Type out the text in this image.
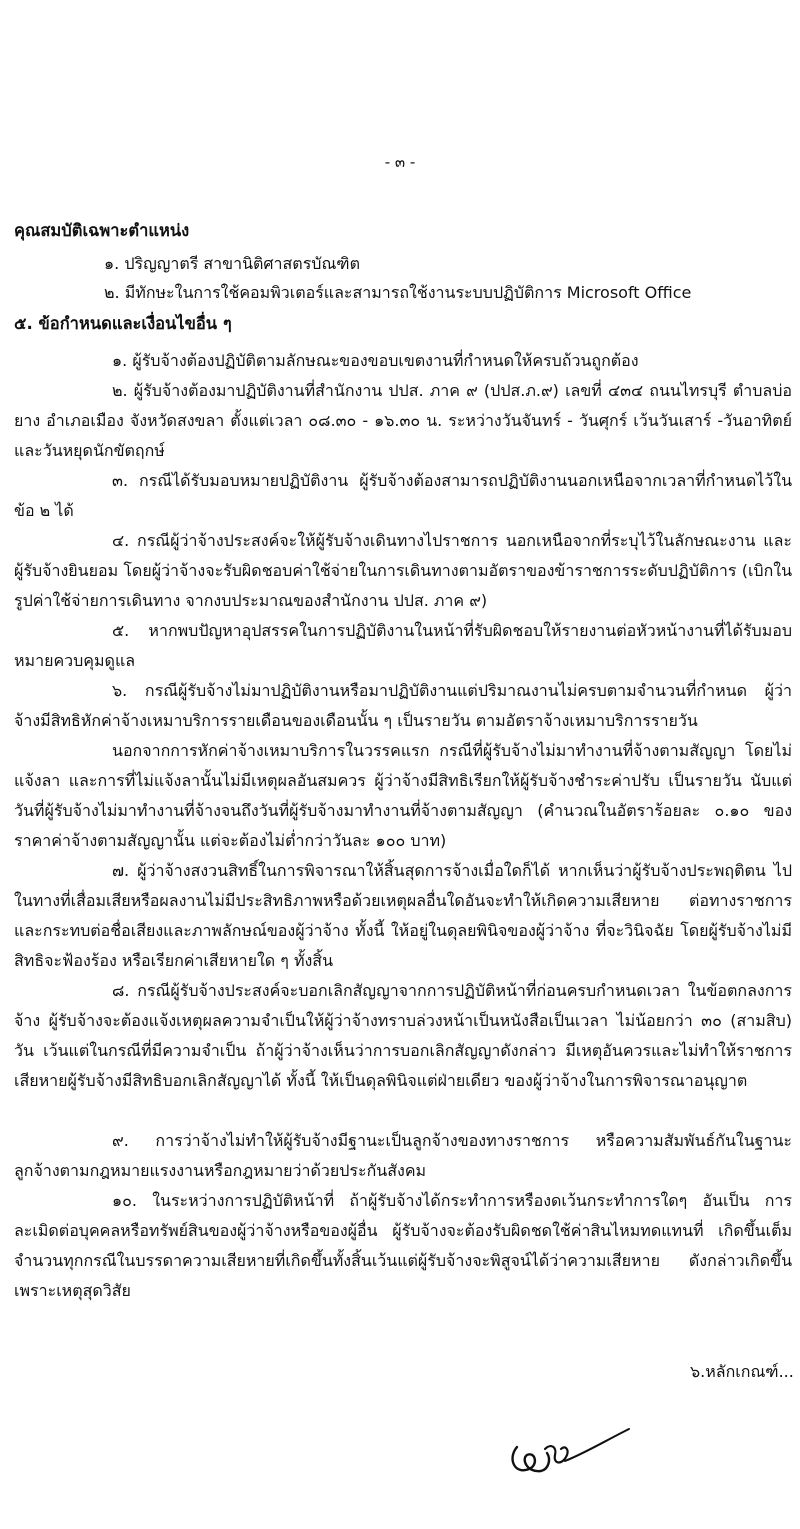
- ๓ -
คุณสมบัติเฉพาะตำแหน่ง
๑. ปริญญาตรี สาขานิติศาสตรบัณฑิต
๒. มีทักษะในการใช้คอมพิวเตอร์และสามารถใช้งานระบบปฏิบัติการ Microsoft Office
๕. ข้อกำหนดและเงื่อนไขอื่น ๆ
๑. ผู้รับจ้างต้องปฏิบัติตามลักษณะของขอบเขตงานที่กำหนดให้ครบถ้วนถูกต้อง
๒. ผู้รับจ้างต้องมาปฏิบัติงานที่สำนักงาน ปปส. ภาค ๙ (ปปส.ภ.๙) เลขที่ ๔๓๔ ถนนไทรบุรี ตำบลบ่อยาง อำเภอเมือง จังหวัดสงขลา ตั้งแต่เวลา ๐๘.๓๐ - ๑๖.๓๐ น. ระหว่างวันจันทร์ - วันศุกร์ เว้นวันเสาร์ -วันอาทิตย์ และวันหยุดนักขัตฤกษ์
๓. กรณีได้รับมอบหมายปฏิบัติงาน ผู้รับจ้างต้องสามารถปฏิบัติงานนอกเหนือจากเวลาที่กำหนดไว้ในข้อ ๒ ได้
๔. กรณีผู้ว่าจ้างประสงค์จะให้ผู้รับจ้างเดินทางไปราชการ นอกเหนือจากที่ระบุไว้ในลักษณะงาน และผู้รับจ้างยินยอม โดยผู้ว่าจ้างจะรับผิดชอบค่าใช้จ่ายในการเดินทางตามอัตราของข้าราชการระดับปฏิบัติการ (เบิกในรูปค่าใช้จ่ายการเดินทาง จากงบประมาณของสำนักงาน ปปส. ภาค ๙)
๕. หากพบปัญหาอุปสรรคในการปฏิบัติงานในหน้าที่รับผิดชอบให้รายงานต่อหัวหน้างานที่ได้รับมอบหมายควบคุมดูแล
๖. กรณีผู้รับจ้างไม่มาปฏิบัติงานหรือมาปฏิบัติงานแต่ปริมาณงานไม่ครบตามจำนวนที่กำหนด ผู้ว่าจ้างมีสิทธิหักค่าจ้างเหมาบริการรายเดือนของเดือนนั้น ๆ เป็นรายวัน ตามอัตราจ้างเหมาบริการรายวัน
นอกจากการหักค่าจ้างเหมาบริการในวรรคแรก กรณีที่ผู้รับจ้างไม่มาทำงานที่จ้างตามสัญญา โดยไม่แจ้งลา และการที่ไม่แจ้งลานั้นไม่มีเหตุผลอันสมควร ผู้ว่าจ้างมีสิทธิเรียกให้ผู้รับจ้างชำระค่าปรับ เป็นรายวัน นับแต่วันที่ผู้รับจ้างไม่มาทำงานที่จ้างจนถึงวันที่ผู้รับจ้างมาทำงานที่จ้างตามสัญญา (คำนวณในอัตราร้อยละ ๐.๑๐ ของราคาค่าจ้างตามสัญญานั้น แต่จะต้องไม่ต่ำกว่าวันละ ๑๐๐ บาท)
๗. ผู้ว่าจ้างสงวนสิทธิ์ในการพิจารณาให้สิ้นสุดการจ้างเมื่อใดก็ได้ หากเห็นว่าผู้รับจ้างประพฤติตน ไปในทางที่เสื่อมเสียหรือผลงานไม่มีประสิทธิภาพหรือด้วยเหตุผลอื่นใดอันจะทำให้เกิดความเสียหาย ต่อทางราชการ และกระทบต่อชื่อเสียงและภาพลักษณ์ของผู้ว่าจ้าง ทั้งนี้ ให้อยู่ในดุลยพินิจของผู้ว่าจ้าง ที่จะวินิจฉัย โดยผู้รับจ้างไม่มีสิทธิจะฟ้องร้อง หรือเรียกค่าเสียหายใด ๆ ทั้งสิ้น
๘. กรณีผู้รับจ้างประสงค์จะบอกเลิกสัญญาจากการปฏิบัติหน้าที่ก่อนครบกำหนดเวลา ในข้อตกลงการจ้าง ผู้รับจ้างจะต้องแจ้งเหตุผลความจำเป็นให้ผู้ว่าจ้างทราบล่วงหน้าเป็นหนังสือเป็นเวลา ไม่น้อยกว่า ๓๐ (สามสิบ) วัน เว้นแต่ในกรณีที่มีความจำเป็น ถ้าผู้ว่าจ้างเห็นว่าการบอกเลิกสัญญาดังกล่าว มีเหตุอันควรและไม่ทำให้ราชการเสียหายผู้รับจ้างมีสิทธิบอกเลิกสัญญาได้ ทั้งนี้ ให้เป็นดุลพินิจแต่ฝ่ายเดียว ของผู้ว่าจ้างในการพิจารณาอนุญาต
๙. การว่าจ้างไม่ทำให้ผู้รับจ้างมีฐานะเป็นลูกจ้างของทางราชการ หรือความสัมพันธ์กันในฐานะ ลูกจ้างตามกฎหมายแรงงานหรือกฎหมายว่าด้วยประกันสังคม
๑๐. ในระหว่างการปฏิบัติหน้าที่ ถ้าผู้รับจ้างได้กระทำการหรืองดเว้นกระทำการใดๆ อันเป็น การละเมิดต่อบุคคลหรือทรัพย์สินของผู้ว่าจ้างหรือของผู้อื่น ผู้รับจ้างจะต้องรับผิดชดใช้ค่าสินไหมทดแทนที่ เกิดขึ้นเต็มจำนวนทุกกรณีในบรรดาความเสียหายที่เกิดขึ้นทั้งสิ้นเว้นแต่ผู้รับจ้างจะพิสูจน์ได้ว่าความเสียหาย ดังกล่าวเกิดขึ้นเพราะเหตุสุดวิสัย
๖.หลักเกณฑ์...
